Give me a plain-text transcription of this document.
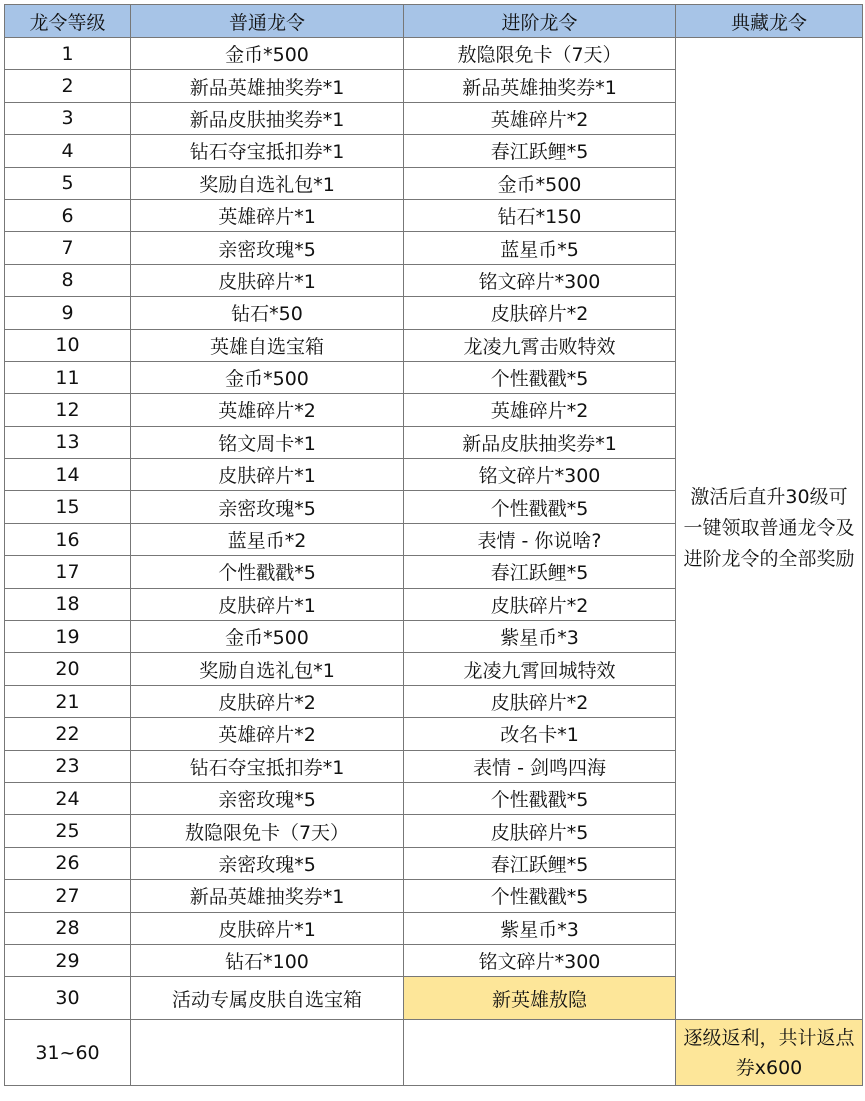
龙令等级	普通龙令	进阶龙令	典藏龙令
1	金币*500	敖隐限免卡（7天）	激活后直升30级可一键领取普通龙令及进阶龙令的全部奖励
2	新品英雄抽奖券*1	新品英雄抽奖券*1	
3	新品皮肤抽奖券*1	英雄碎片*2	
4	钻石夺宝抵扣券*1	春江跃鲤*5	
5	奖励自选礼包*1	金币*500	
6	英雄碎片*1	钻石*150	
7	亲密玫瑰*5	蓝星币*5	
8	皮肤碎片*1	铭文碎片*300	
9	钻石*50	皮肤碎片*2	
10	英雄自选宝箱	龙凌九霄击败特效	
11	金币*500	个性戳戳*5	
12	英雄碎片*2	英雄碎片*2	
13	铭文周卡*1	新品皮肤抽奖券*1	
14	皮肤碎片*1	铭文碎片*300	
15	亲密玫瑰*5	个性戳戳*5	
16	蓝星币*2	表情 - 你说啥?	
17	个性戳戳*5	春江跃鲤*5	
18	皮肤碎片*1	皮肤碎片*2	
19	金币*500	紫星币*3	
20	奖励自选礼包*1	龙凌九霄回城特效	
21	皮肤碎片*2	皮肤碎片*2	
22	英雄碎片*2	改名卡*1	
23	钻石夺宝抵扣券*1	表情 - 剑鸣四海	
24	亲密玫瑰*5	个性戳戳*5	
25	敖隐限免卡（7天）	皮肤碎片*5	
26	亲密玫瑰*5	春江跃鲤*5	
27	新品英雄抽奖券*1	个性戳戳*5	
28	皮肤碎片*1	紫星币*3	
29	钻石*100	铭文碎片*300	
30	活动专属皮肤自选宝箱	新英雄敖隐	
31~60			逐级返利，共计返点券x600
